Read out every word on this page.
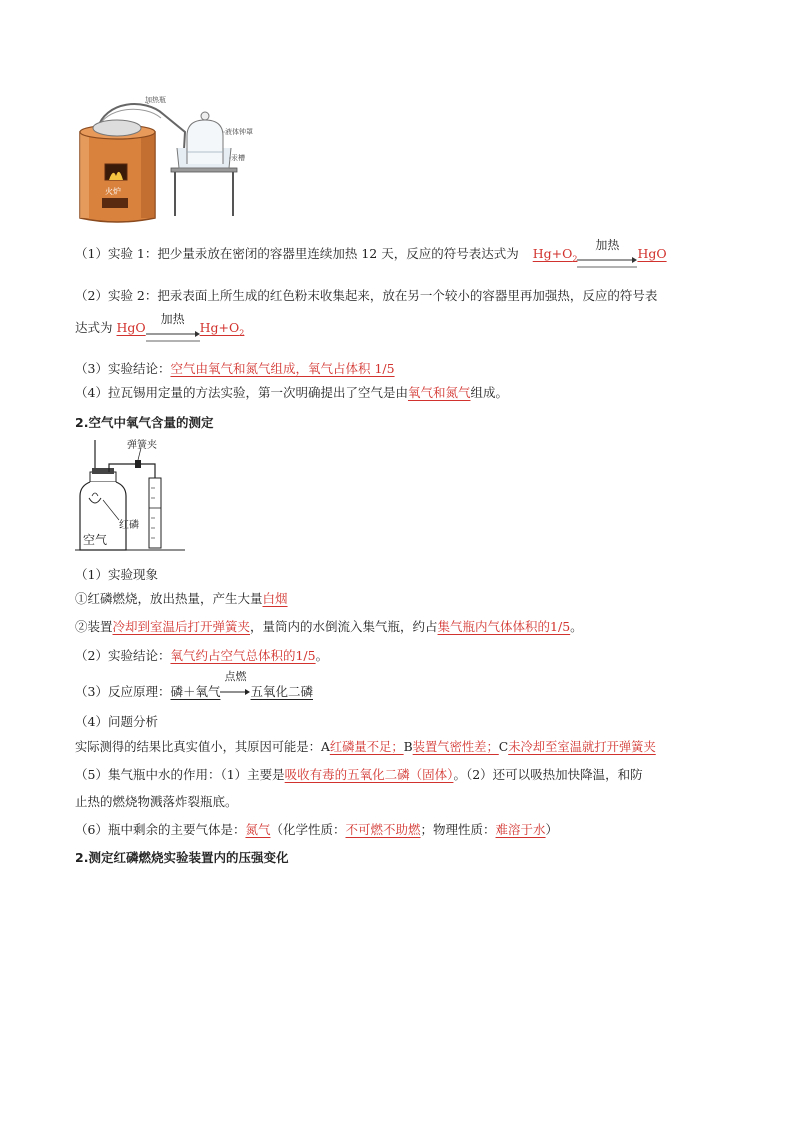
加热瓶
液体钟罩
汞槽
火炉
（1）实验 1：把少量汞放在密闭的容器里连续加热 12 天，反应的符号表达式为 $Hg+O_2$
加热
HgO
（2）实验 2：把汞表面上所生成的红色粉末收集起来，放在另一个较小的容器里再加强热，反应的符号表
达式为 HgO
加热
$Hg+O_2$
（3）实验结论：空气由氧气和氮气组成，氧气占体积 1/5
（4）拉瓦锡用定量的方法实验，第一次明确提出了空气是由氧气和氮气组成。
2.空气中氧气含量的测定
弹簧夹
红磷
空气
（1）实验现象
①红磷燃烧，放出热量，产生大量白烟
②装置冷却到室温后打开弹簧夹，量筒内的水倒流入集气瓶，约占集气瓶内气体体积的1/5。
（2）实验结论：氧气约占空气总体积的1/5。
（3）反应原理：磷＋氧气
点燃
五氧化二磷
（4）问题分析
实际测得的结果比真实值小，其原因可能是：A红磷量不足；B装置气密性差；C未冷却至室温就打开弹簧夹
（5）集气瓶中水的作用：（1）主要是吸收有毒的五氧化二磷（固体）。（2）还可以吸热加快降温，和防
止热的燃烧物溅落炸裂瓶底。
（6）瓶中剩余的主要气体是：氮气（化学性质：不可燃不助燃；物理性质：难溶于水）
2.测定红磷燃烧实验装置内的压强变化
